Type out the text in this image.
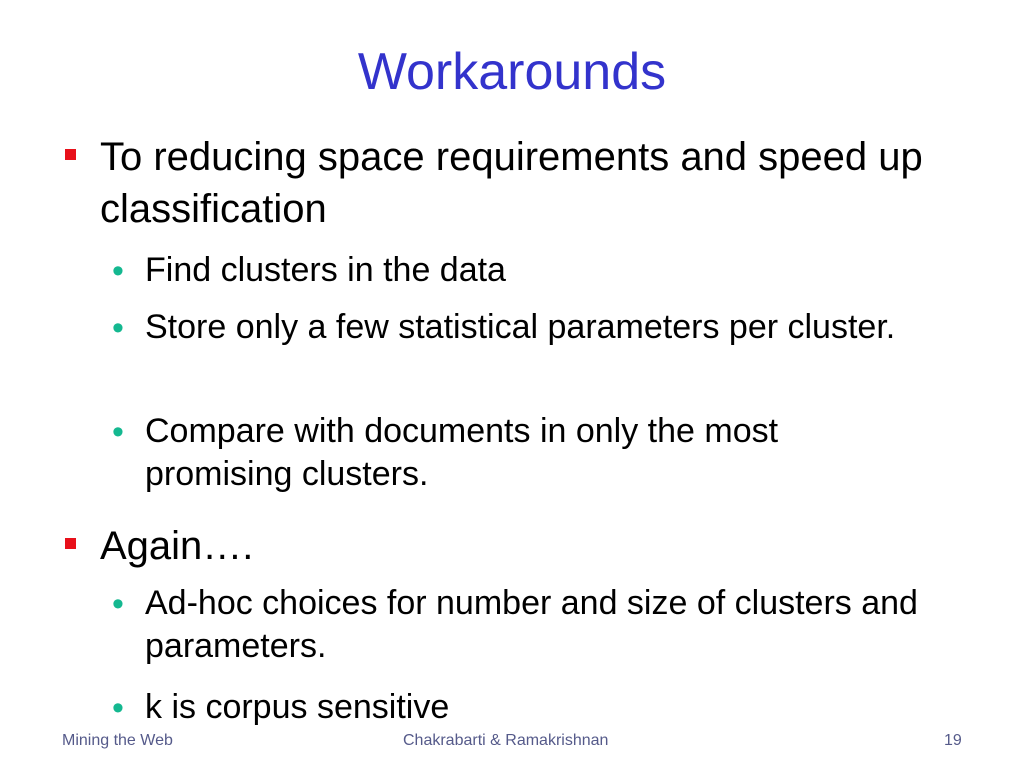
Workarounds
To reducing space requirements and speed up classification
• Find clusters in the data
• Store only a few statistical parameters per cluster.
• Compare with documents in only the most promising clusters.
Again….
• Ad-hoc choices for number and size of clusters and parameters.
• k is corpus sensitive
Mining the Web	Chakrabarti & Ramakrishnan	19
